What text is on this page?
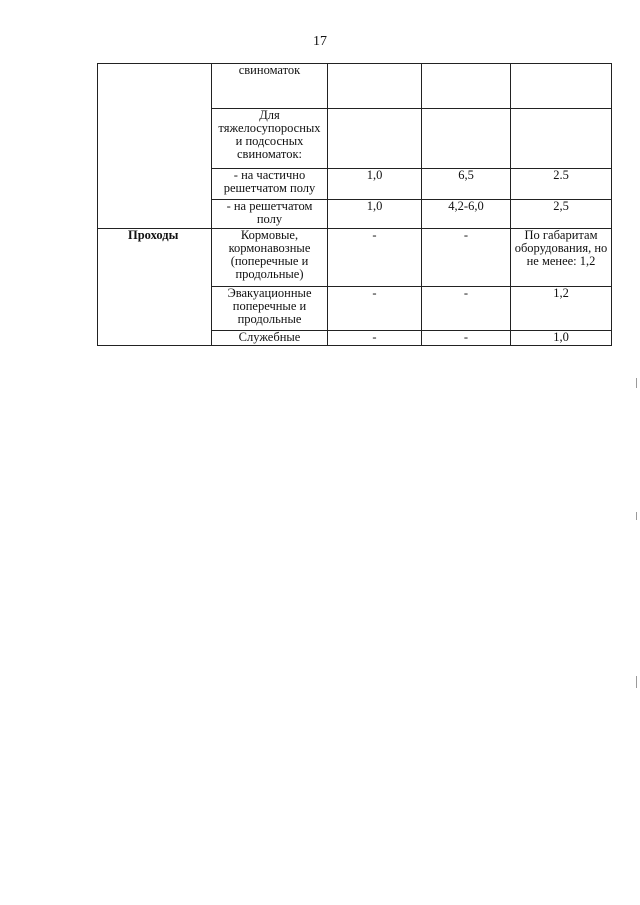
17
	свиноматок			
	Для тяжелосупоросных и подсосных свиноматок:			
	- на частично решетчатом полу	1,0	6,5	2.5
	- на решетчатом полу	1,0	4,2-6,0	2,5
Проходы	Кормовые, кормонавозные (поперечные и продольные)	-	-	По габаритам оборудования, но не менее: 1,2
	Эвакуационные поперечные и продольные	-	-	1,2
	Служебные	-	-	1,0
